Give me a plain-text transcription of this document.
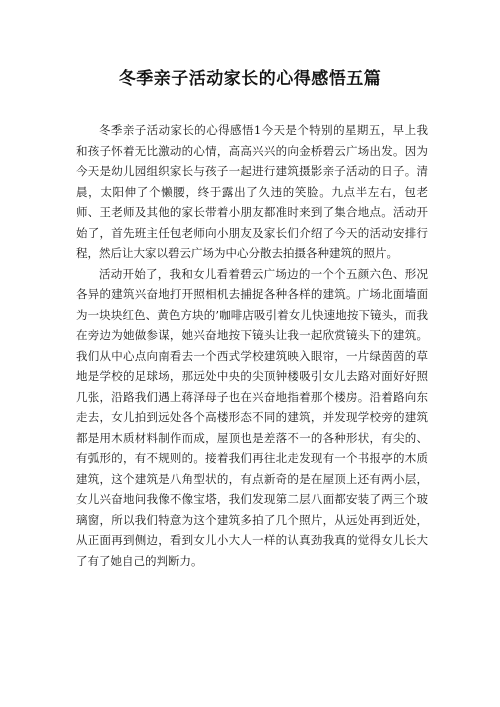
冬季亲子活动家长的心得感悟五篇

冬季亲子活动家长的心得感悟1今天是个特别的星期五，早上我和孩子怀着无比激动的心情，高高兴兴的向金桥碧云广场出发。因为今天是幼儿园组织家长与孩子一起进行建筑摄影亲子活动的日子。清晨，太阳伸了个懒腰，终于露出了久违的笑脸。九点半左右，包老师、王老师及其他的家长带着小朋友都准时来到了集合地点。活动开始了，首先班主任包老师向小朋友及家长们介绍了今天的活动安排行程，然后让大家以碧云广场为中心分散去拍摄各种建筑的照片。

活动开始了，我和女儿看着碧云广场边的一个个五颜六色、形况各异的建筑兴奋地打开照相机去捕捉各种各样的建筑。广场北面墙面为一块块红色、黄色方块的’咖啡店吸引着女儿快速地按下镜头，而我在旁边为她做参谋，她兴奋地按下镜头让我一起欣赏镜头下的建筑。我们从中心点向南看去一个西式学校建筑映入眼帘，一片绿茵茵的草地是学校的足球场，那远处中央的尖顶钟楼吸引女儿去路对面好好照几张，沿路我们遇上蒋泽母子也在兴奋地指着那个楼房。沿着路向东走去，女儿拍到远处各个高楼形态不同的建筑，并发现学校旁的建筑都是用木质材料制作而成，屋顶也是差落不一的各种形状，有尖的、有弧形的，有不规则的。接着我们再往北走发现有一个书报亭的木质建筑，这个建筑是八角型状的，有点新奇的是在屋顶上还有两小层，女儿兴奋地问我像不像宝塔，我们发现第二层八面都安装了两三个玻璃窗，所以我们特意为这个建筑多拍了几个照片，从远处再到近处，从正面再到侧边，看到女儿小大人一样的认真劲我真的觉得女儿长大了有了她自己的判断力。
